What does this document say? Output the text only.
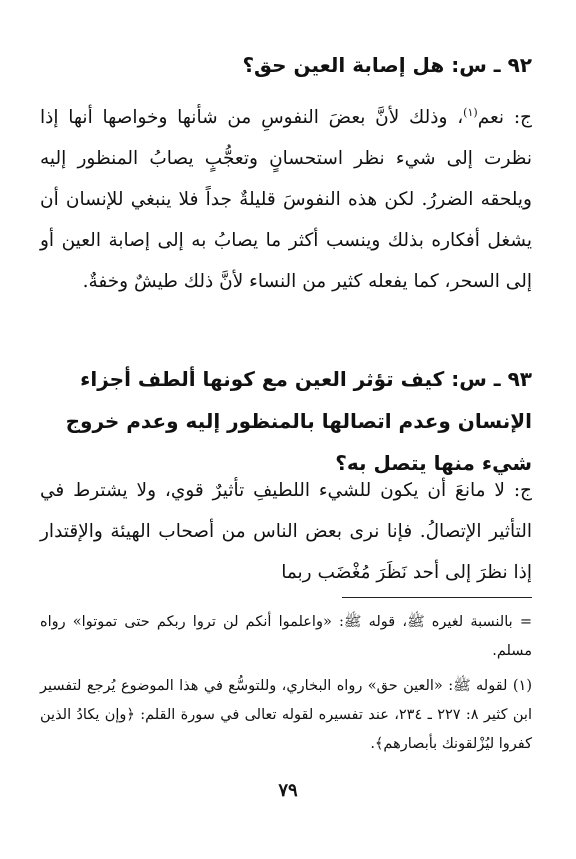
٩٢ ـ س: هل إصابة العين حق؟

ج: نعم$^{(١)}$، وذلك لأنَّ بعضَ النفوسِ من شأنها وخواصها أنها إذا نظرت إلى شيء نظر استحسانٍ وتعجُّبٍ يصابُ المنظور إليه ويلحقه الضررُ. لكن هذه النفوسَ قليلةٌ جداً فلا ينبغي للإنسان أن يشغل أفكاره بذلك وينسب أكثر ما يصابُ به إلى إصابة العين أو إلى السحر، كما يفعله كثير من النساء لأنَّ ذلك طيشٌ وخفةٌ.

٩٣ ـ س: كيف تؤثر العين مع كونها ألطف أجزاء الإنسان وعدم اتصالها بالمنظور إليه وعدم خروج شيء منها يتصل به؟

ج: لا مانعَ أن يكون للشيء اللطيفِ تأثيرٌ قوي، ولا يشترط في التأثير الإتصالُ. فإنا نرى بعض الناس من أصحاب الهيئة والإقتدار إذا نظرَ إلى أحد نَظَرَ مُغْضَب ربما

= بالنسبة لغيره ﷺ، قوله ﷺ: «واعلموا أنكم لن تروا ربكم حتى تموتوا» رواه مسلم.

(١) لقوله ﷺ: «العين حق» رواه البخاري، وللتوسُّع في هذا الموضوع يُرجع لتفسير ابن كثير ٨: ٢٢٧ ـ ٢٣٤، عند تفسيره لقوله تعالى في سورة القلم: ﴿وإن يكادُ الذين كفروا ليُزْلقونك بأبصارهم﴾.

٧٩
